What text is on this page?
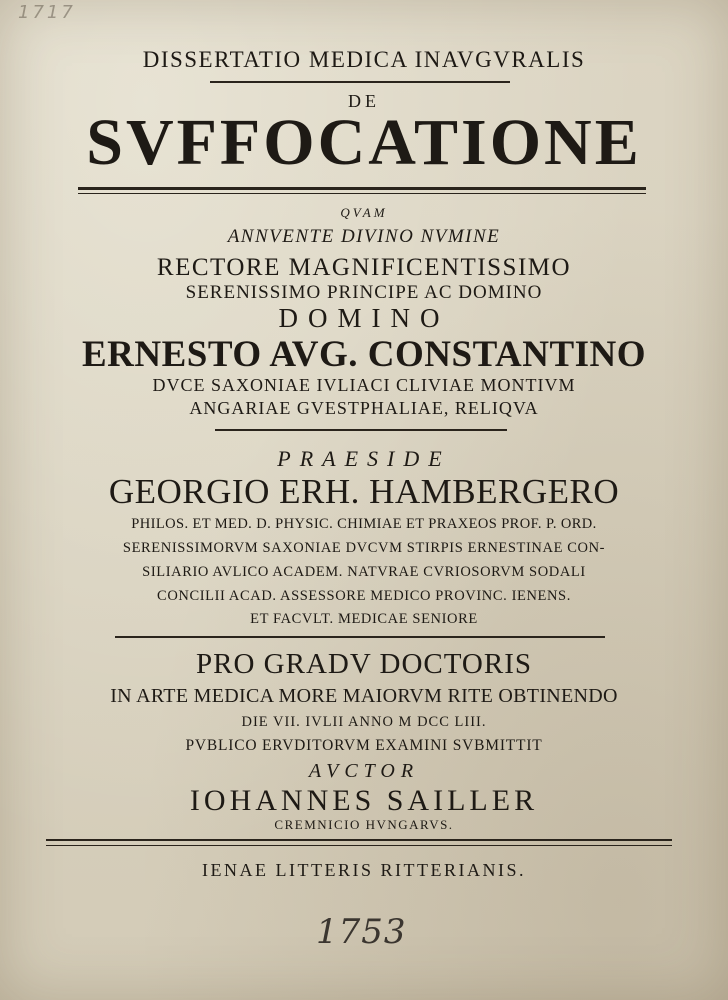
1717
DISSERTATIO MEDICA INAVGVRALIS
DE
SVFFOCATIONE
QVAM
ANNVENTE DIVINO NVMINE
RECTORE MAGNIFICENTISSIMO
SERENISSIMO PRINCIPE AC DOMINO
DOMINO
ERNESTO AVG. CONSTANTINO
DVCE SAXONIAE IVLIACI CLIVIAE MONTIVM
ANGARIAE GVESTPHALIAE, RELIQVA
PRAESIDE
GEORGIO ERH. HAMBERGERO
PHILOS. ET MED. D. PHYSIC. CHIMIAE ET PRAXEOS PROF. P. ORD.
SERENISSIMORVM SAXONIAE DVCVM STIRPIS ERNESTINAE CON-
SILIARIO AVLICO ACADEM. NATVRAE CVRIOSORVM SODALI
CONCILII ACAD. ASSESSORE MEDICO PROVINC. IENENS.
ET FACVLT. MEDICAE SENIORE
PRO GRADV DOCTORIS
IN ARTE MEDICA MORE MAIORVM RITE OBTINENDO
DIE VII. IVLII ANNO M DCC LIII.
PVBLICO ERVDITORVM EXAMINI SVBMITTIT
AVCTOR
IOHANNES SAILLER
CREMNICIO HVNGARVS.
IENAE LITTERIS RITTERIANIS.
1753
